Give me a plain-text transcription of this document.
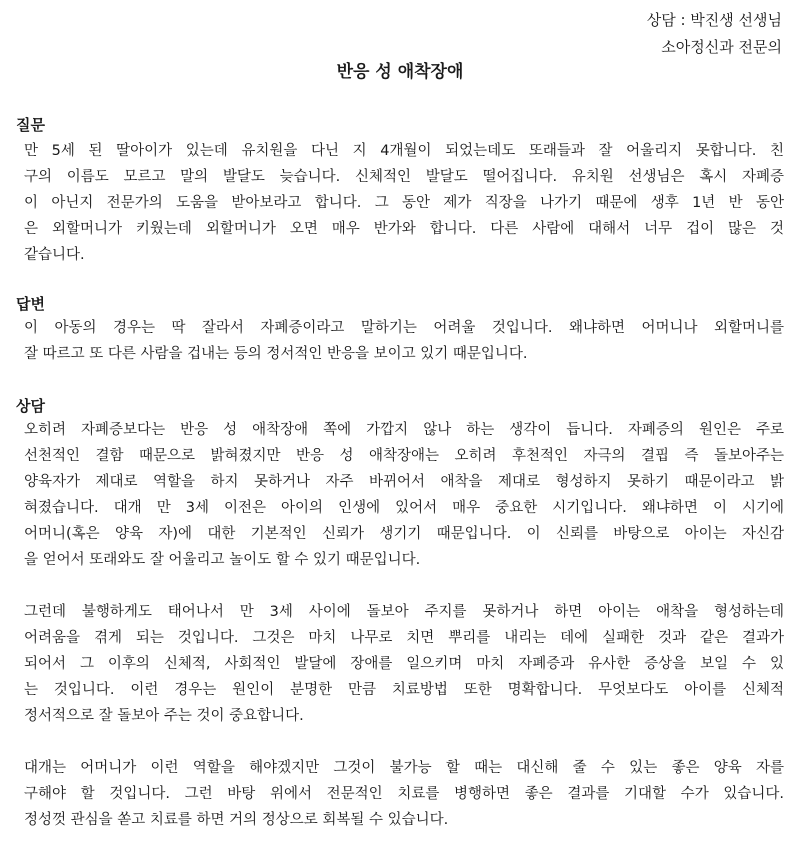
상담 : 박진생 선생님
소아정신과 전문의
반응 성 애착장애
질문
만 5세 된 딸아이가 있는데 유치원을 다닌 지 4개월이 되었는데도 또래들과 잘 어울리지 못합니다. 친
구의 이름도 모르고 말의 발달도 늦습니다. 신체적인 발달도 떨어집니다. 유치원 선생님은 혹시 자폐증
이 아닌지 전문가의 도움을 받아보라고 합니다. 그 동안 제가 직장을 나가기 때문에 생후 1년 반 동안
은 외할머니가 키웠는데 외할머니가 오면 매우 반가와 합니다. 다른 사람에 대해서 너무 겁이 많은 것
같습니다.
답변
이 아동의 경우는 딱 잘라서 자폐증이라고 말하기는 어려울 것입니다. 왜냐하면 어머니나 외할머니를
잘 따르고 또 다른 사람을 겁내는 등의 정서적인 반응을 보이고 있기 때문입니다.
상담
오히려 자폐증보다는 반응 성 애착장애 쪽에 가깝지 않나 하는 생각이 듭니다. 자폐증의 원인은 주로
선천적인 결함 때문으로 밝혀졌지만 반응 성 애착장애는 오히려 후천적인 자극의 결핍 즉 돌보아주는
양육자가 제대로 역할을 하지 못하거나 자주 바뀌어서 애착을 제대로 형성하지 못하기 때문이라고 밝
혀졌습니다. 대개 만 3세 이전은 아이의 인생에 있어서 매우 중요한 시기입니다. 왜냐하면 이 시기에
어머니(혹은 양육 자)에 대한 기본적인 신뢰가 생기기 때문입니다. 이 신뢰를 바탕으로 아이는 자신감
을 얻어서 또래와도 잘 어울리고 놀이도 할 수 있기 때문입니다.
그런데 불행하게도 태어나서 만 3세 사이에 돌보아 주지를 못하거나 하면 아이는 애착을 형성하는데
어려움을 겪게 되는 것입니다. 그것은 마치 나무로 치면 뿌리를 내리는 데에 실패한 것과 같은 결과가
되어서 그 이후의 신체적, 사회적인 발달에 장애를 일으키며 마치 자폐증과 유사한 증상을 보일 수 있
는 것입니다. 이런 경우는 원인이 분명한 만큼 치료방법 또한 명확합니다. 무엇보다도 아이를 신체적
정서적으로 잘 돌보아 주는 것이 중요합니다.
대개는 어머니가 이런 역할을 해야겠지만 그것이 불가능 할 때는 대신해 줄 수 있는 좋은 양육 자를
구해야 할 것입니다. 그런 바탕 위에서 전문적인 치료를 병행하면 좋은 결과를 기대할 수가 있습니다.
정성껏 관심을 쏟고 치료를 하면 거의 정상으로 회복될 수 있습니다.
